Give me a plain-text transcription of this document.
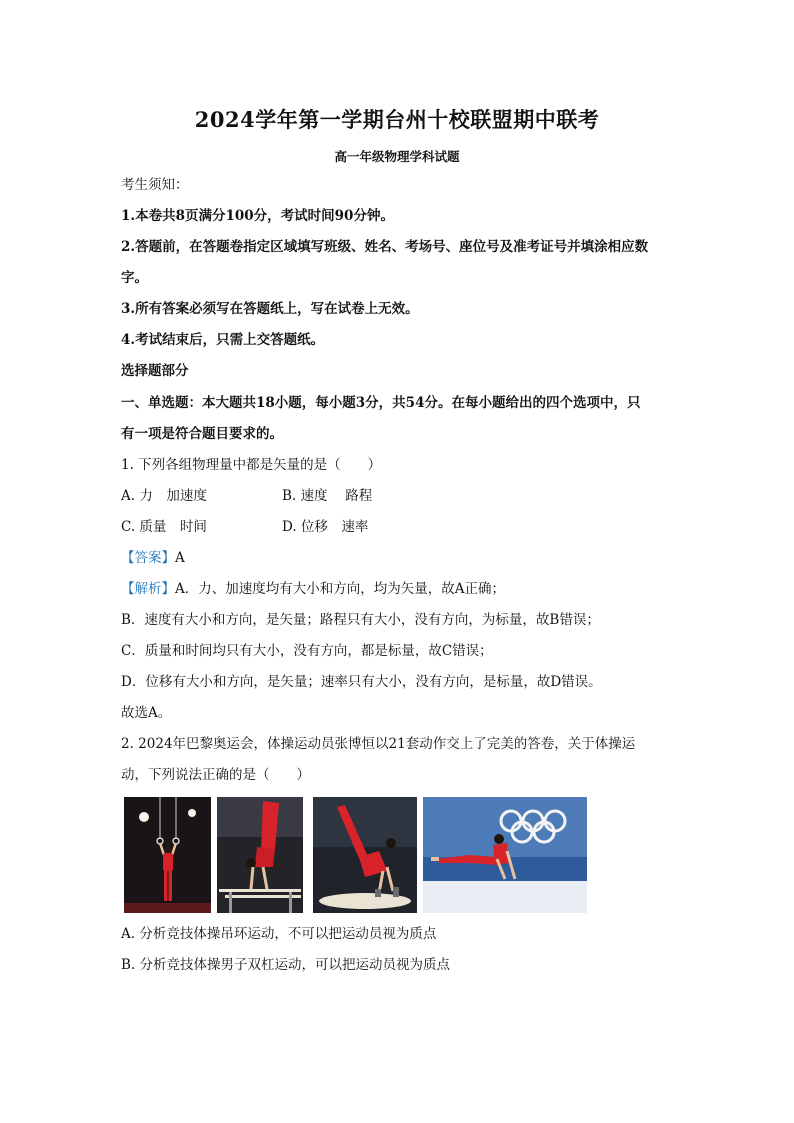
2024学年第一学期台州十校联盟期中联考
高一年级物理学科试题
考生须知：
1.本卷共8页满分100分，考试时间90分钟。
2.答题前，在答题卷指定区域填写班级、姓名、考场号、座位号及准考证号并填涂相应数
字。
3.所有答案必须写在答题纸上，写在试卷上无效。
4.考试结束后，只需上交答题纸。
选择题部分
一、单选题：本大题共18小题，每小题3分，共54分。在每小题给出的四个选项中，只
有一项是符合题目要求的。
1. 下列各组物理量中都是矢量的是（　　）
A. 力　加速度	B. 速度　 路程
C. 质量　时间	D. 位移　速率
【答案】A
【解析】A．力、加速度均有大小和方向，均为矢量，故A正确；
B．速度有大小和方向，是矢量；路程只有大小，没有方向，为标量，故B错误；
C．质量和时间均只有大小，没有方向，都是标量，故C错误；
D．位移有大小和方向，是矢量；速率只有大小，没有方向，是标量，故D错误。
故选A。
2. 2024年巴黎奥运会，体操运动员张博恒以21套动作交上了完美的答卷，关于体操运
动，下列说法正确的是（　　）
A. 分析竞技体操吊环运动，不可以把运动员视为质点
B. 分析竞技体操男子双杠运动，可以把运动员视为质点
